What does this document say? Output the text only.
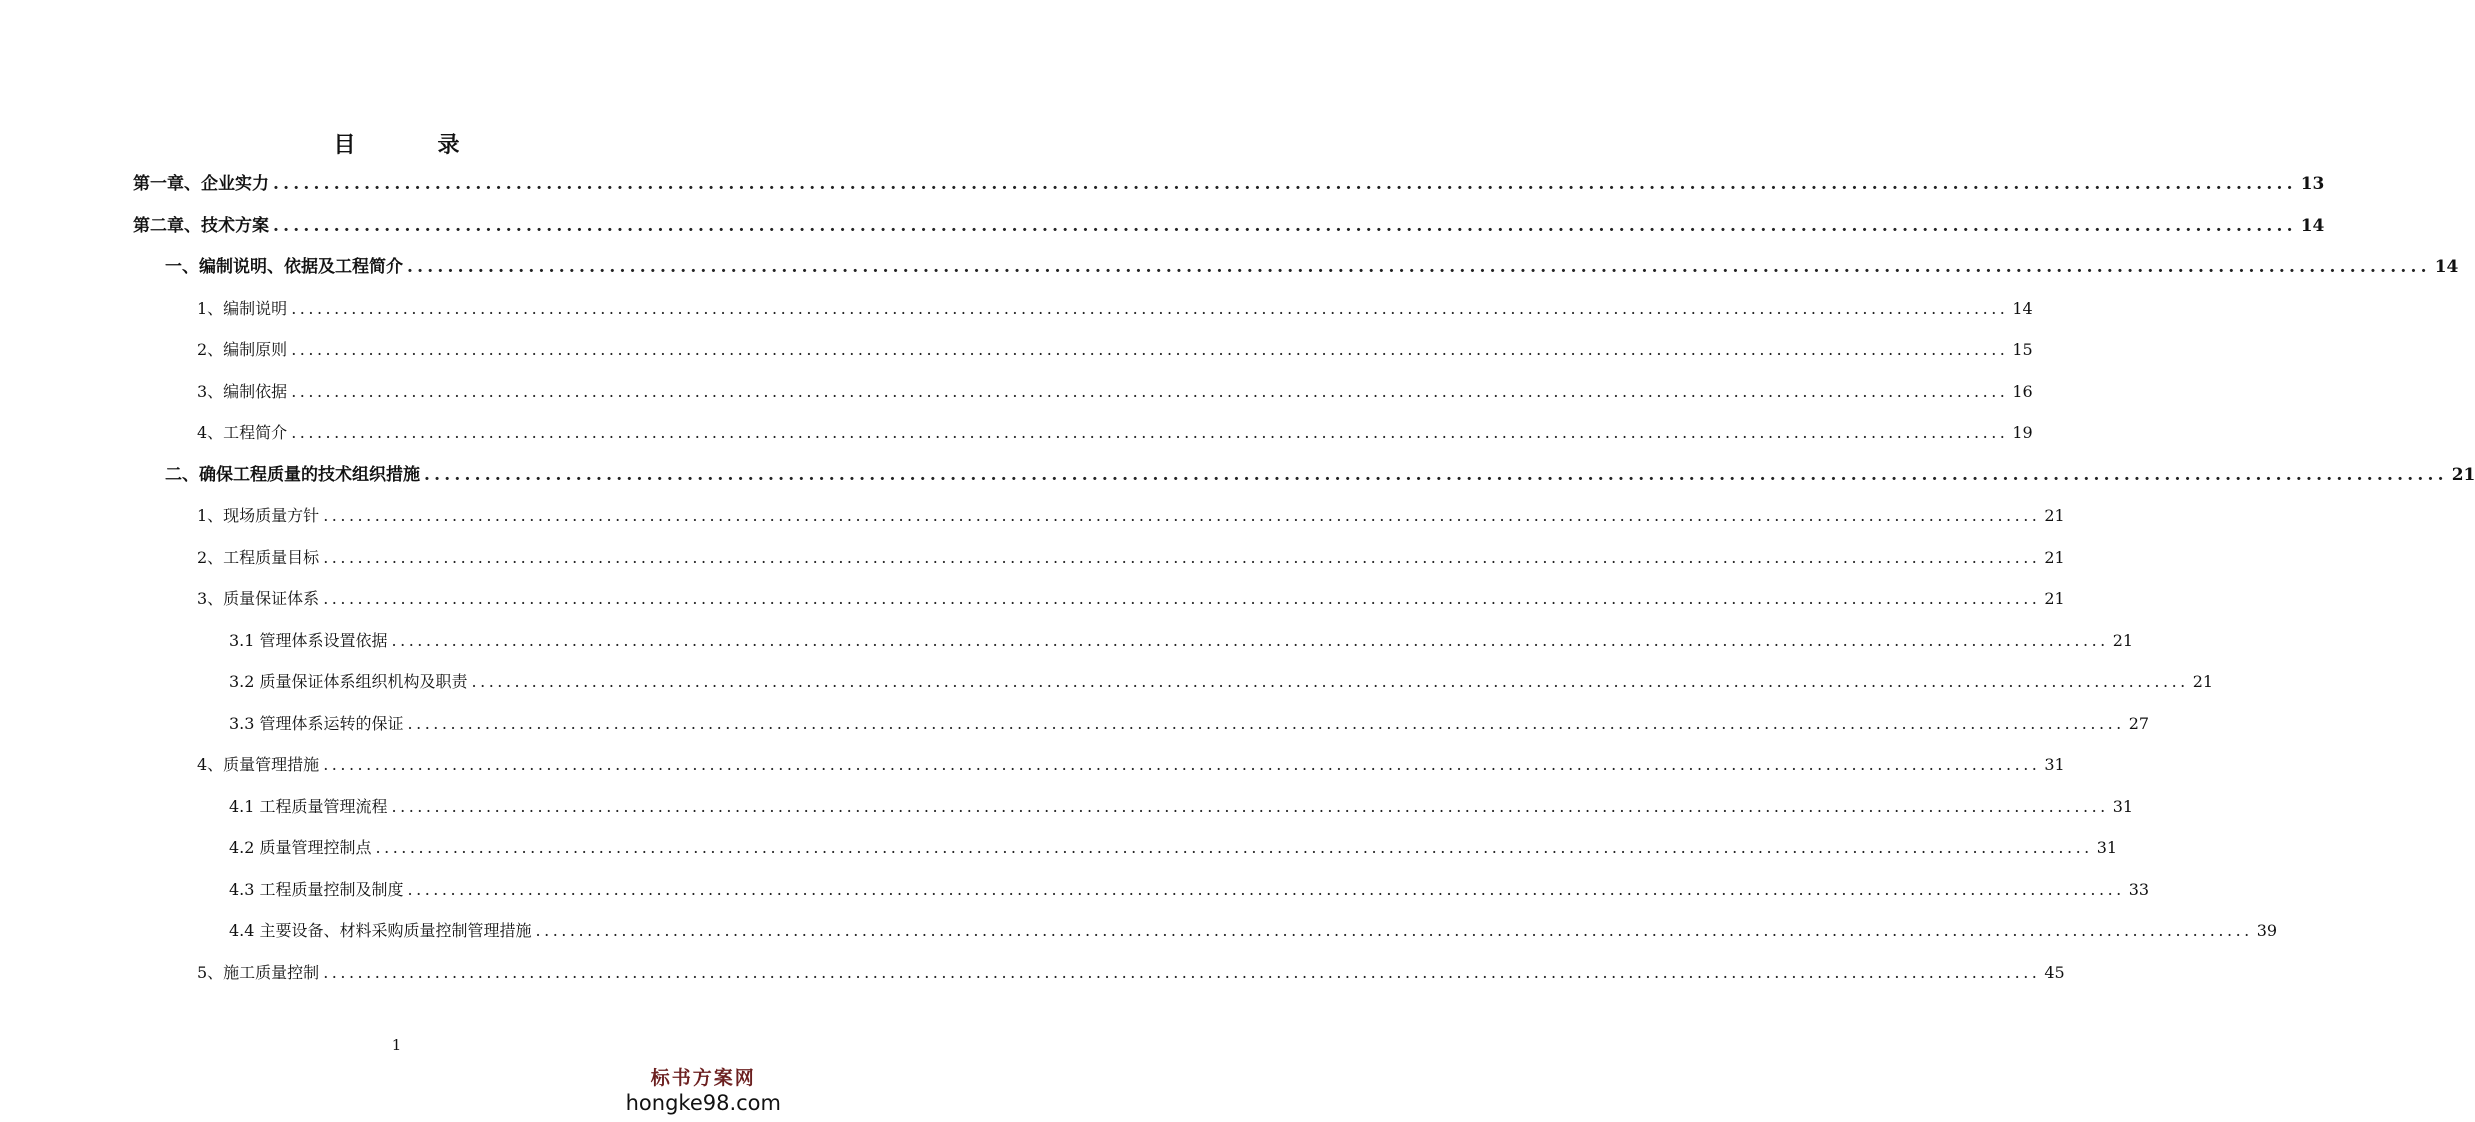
目　录
第一章、企业实力 ........................................................................................................................................................................................................ 13
第二章、技术方案 ........................................................................................................................................................................................................ 14
一、编制说明、依据及工程简介 ........................................................................................................................................................................................................ 14
1、编制说明 ........................................................................................................................................................................................................ 14
2、编制原则 ........................................................................................................................................................................................................ 15
3、编制依据 ........................................................................................................................................................................................................ 16
4、工程简介 ........................................................................................................................................................................................................ 19
二、确保工程质量的技术组织措施 ........................................................................................................................................................................................................ 21
1、现场质量方针 ........................................................................................................................................................................................................ 21
2、工程质量目标 ........................................................................................................................................................................................................ 21
3、质量保证体系 ........................................................................................................................................................................................................ 21
3.1 管理体系设置依据 ........................................................................................................................................................................................................ 21
3.2 质量保证体系组织机构及职责 ........................................................................................................................................................................................................ 21
3.3 管理体系运转的保证 ........................................................................................................................................................................................................ 27
4、质量管理措施 ........................................................................................................................................................................................................ 31
4.1 工程质量管理流程 ........................................................................................................................................................................................................ 31
4.2 质量管理控制点 ........................................................................................................................................................................................................ 31
4.3 工程质量控制及制度 ........................................................................................................................................................................................................ 33
4.4 主要设备、材料采购质量控制管理措施 ........................................................................................................................................................................................................ 39
5、施工质量控制 ........................................................................................................................................................................................................ 45
1
标书方案网
hongke98.com
